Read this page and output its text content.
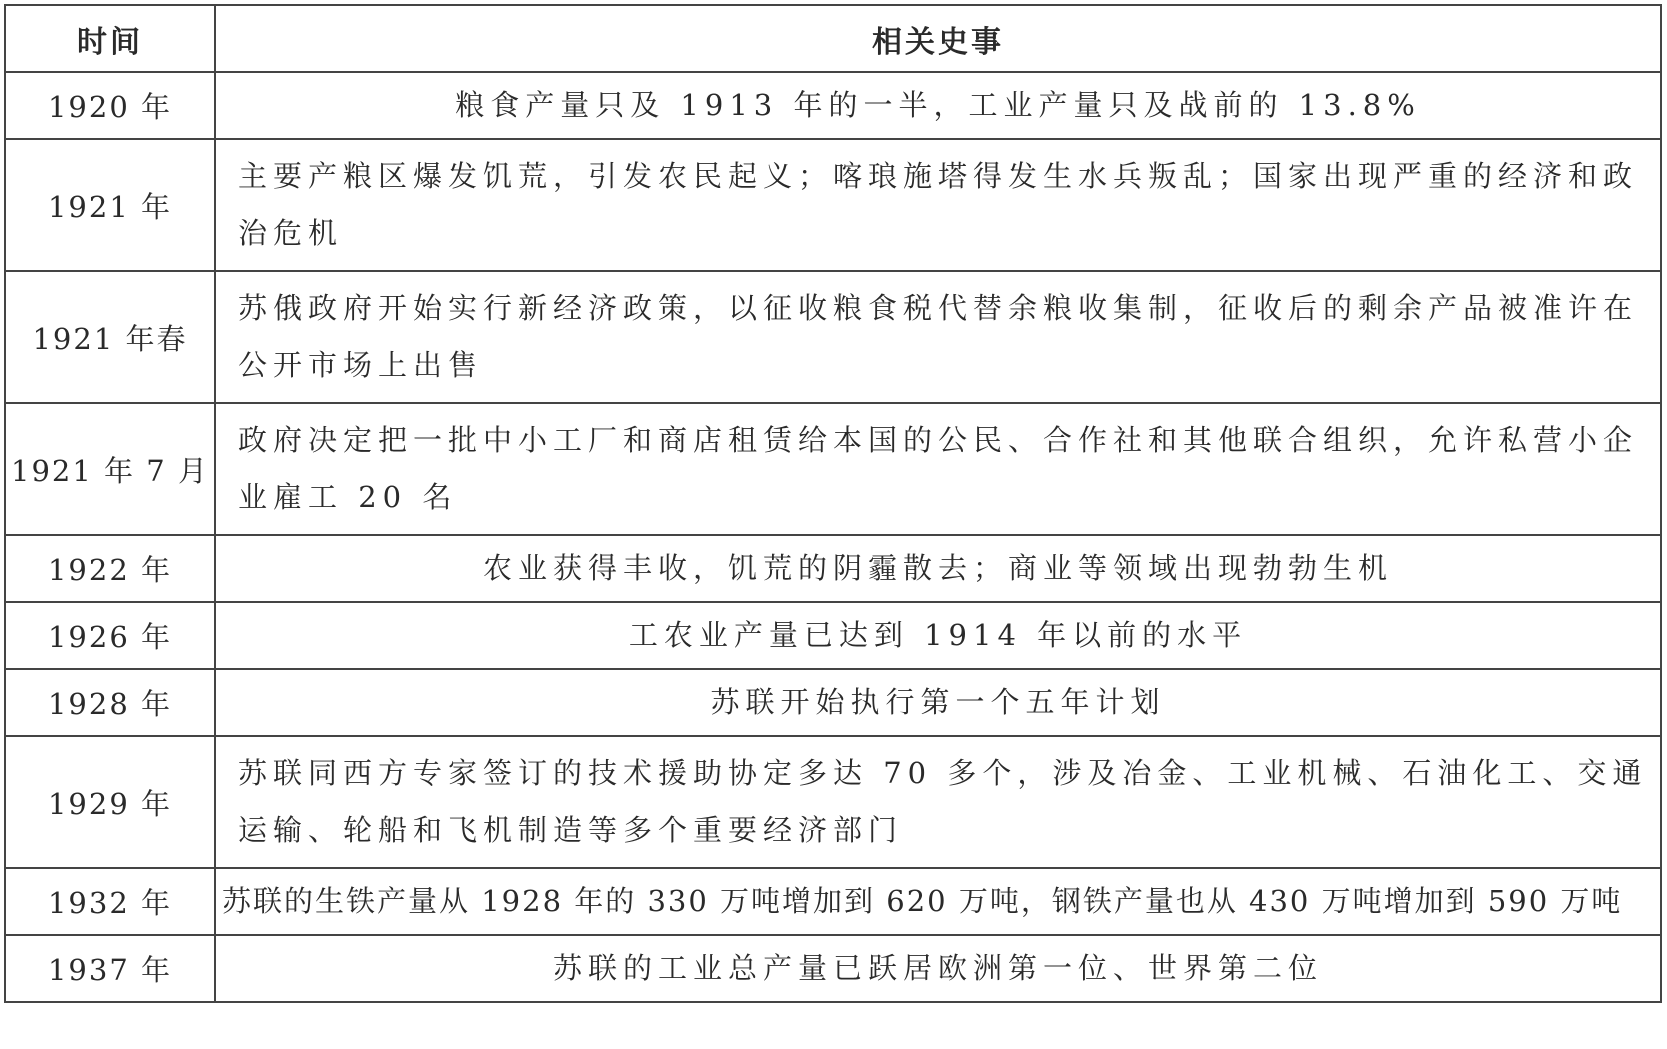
时间	相关史事
1920 年	粮食产量只及 1913 年的一半，工业产量只及战前的 13.8%
1921 年	主要产粮区爆发饥荒，引发农民起义；喀琅施塔得发生水兵叛乱；国家出现严重的经济和政治危机
1921 年春	苏俄政府开始实行新经济政策，以征收粮食税代替余粮收集制，征收后的剩余产品被准许在公开市场上出售
1921 年 7 月	政府决定把一批中小工厂和商店租赁给本国的公民、合作社和其他联合组织，允许私营小企业雇工 20 名
1922 年	农业获得丰收，饥荒的阴霾散去；商业等领域出现勃勃生机
1926 年	工农业产量已达到 1914 年以前的水平
1928 年	苏联开始执行第一个五年计划
1929 年	苏联同西方专家签订的技术援助协定多达 70 多个，涉及冶金、工业机械、石油化工、交通运输、轮船和飞机制造等多个重要经济部门
1932 年	苏联的生铁产量从 1928 年的 330 万吨增加到 620 万吨，钢铁产量也从 430 万吨增加到 590 万吨
1937 年	苏联的工业总产量已跃居欧洲第一位、世界第二位
